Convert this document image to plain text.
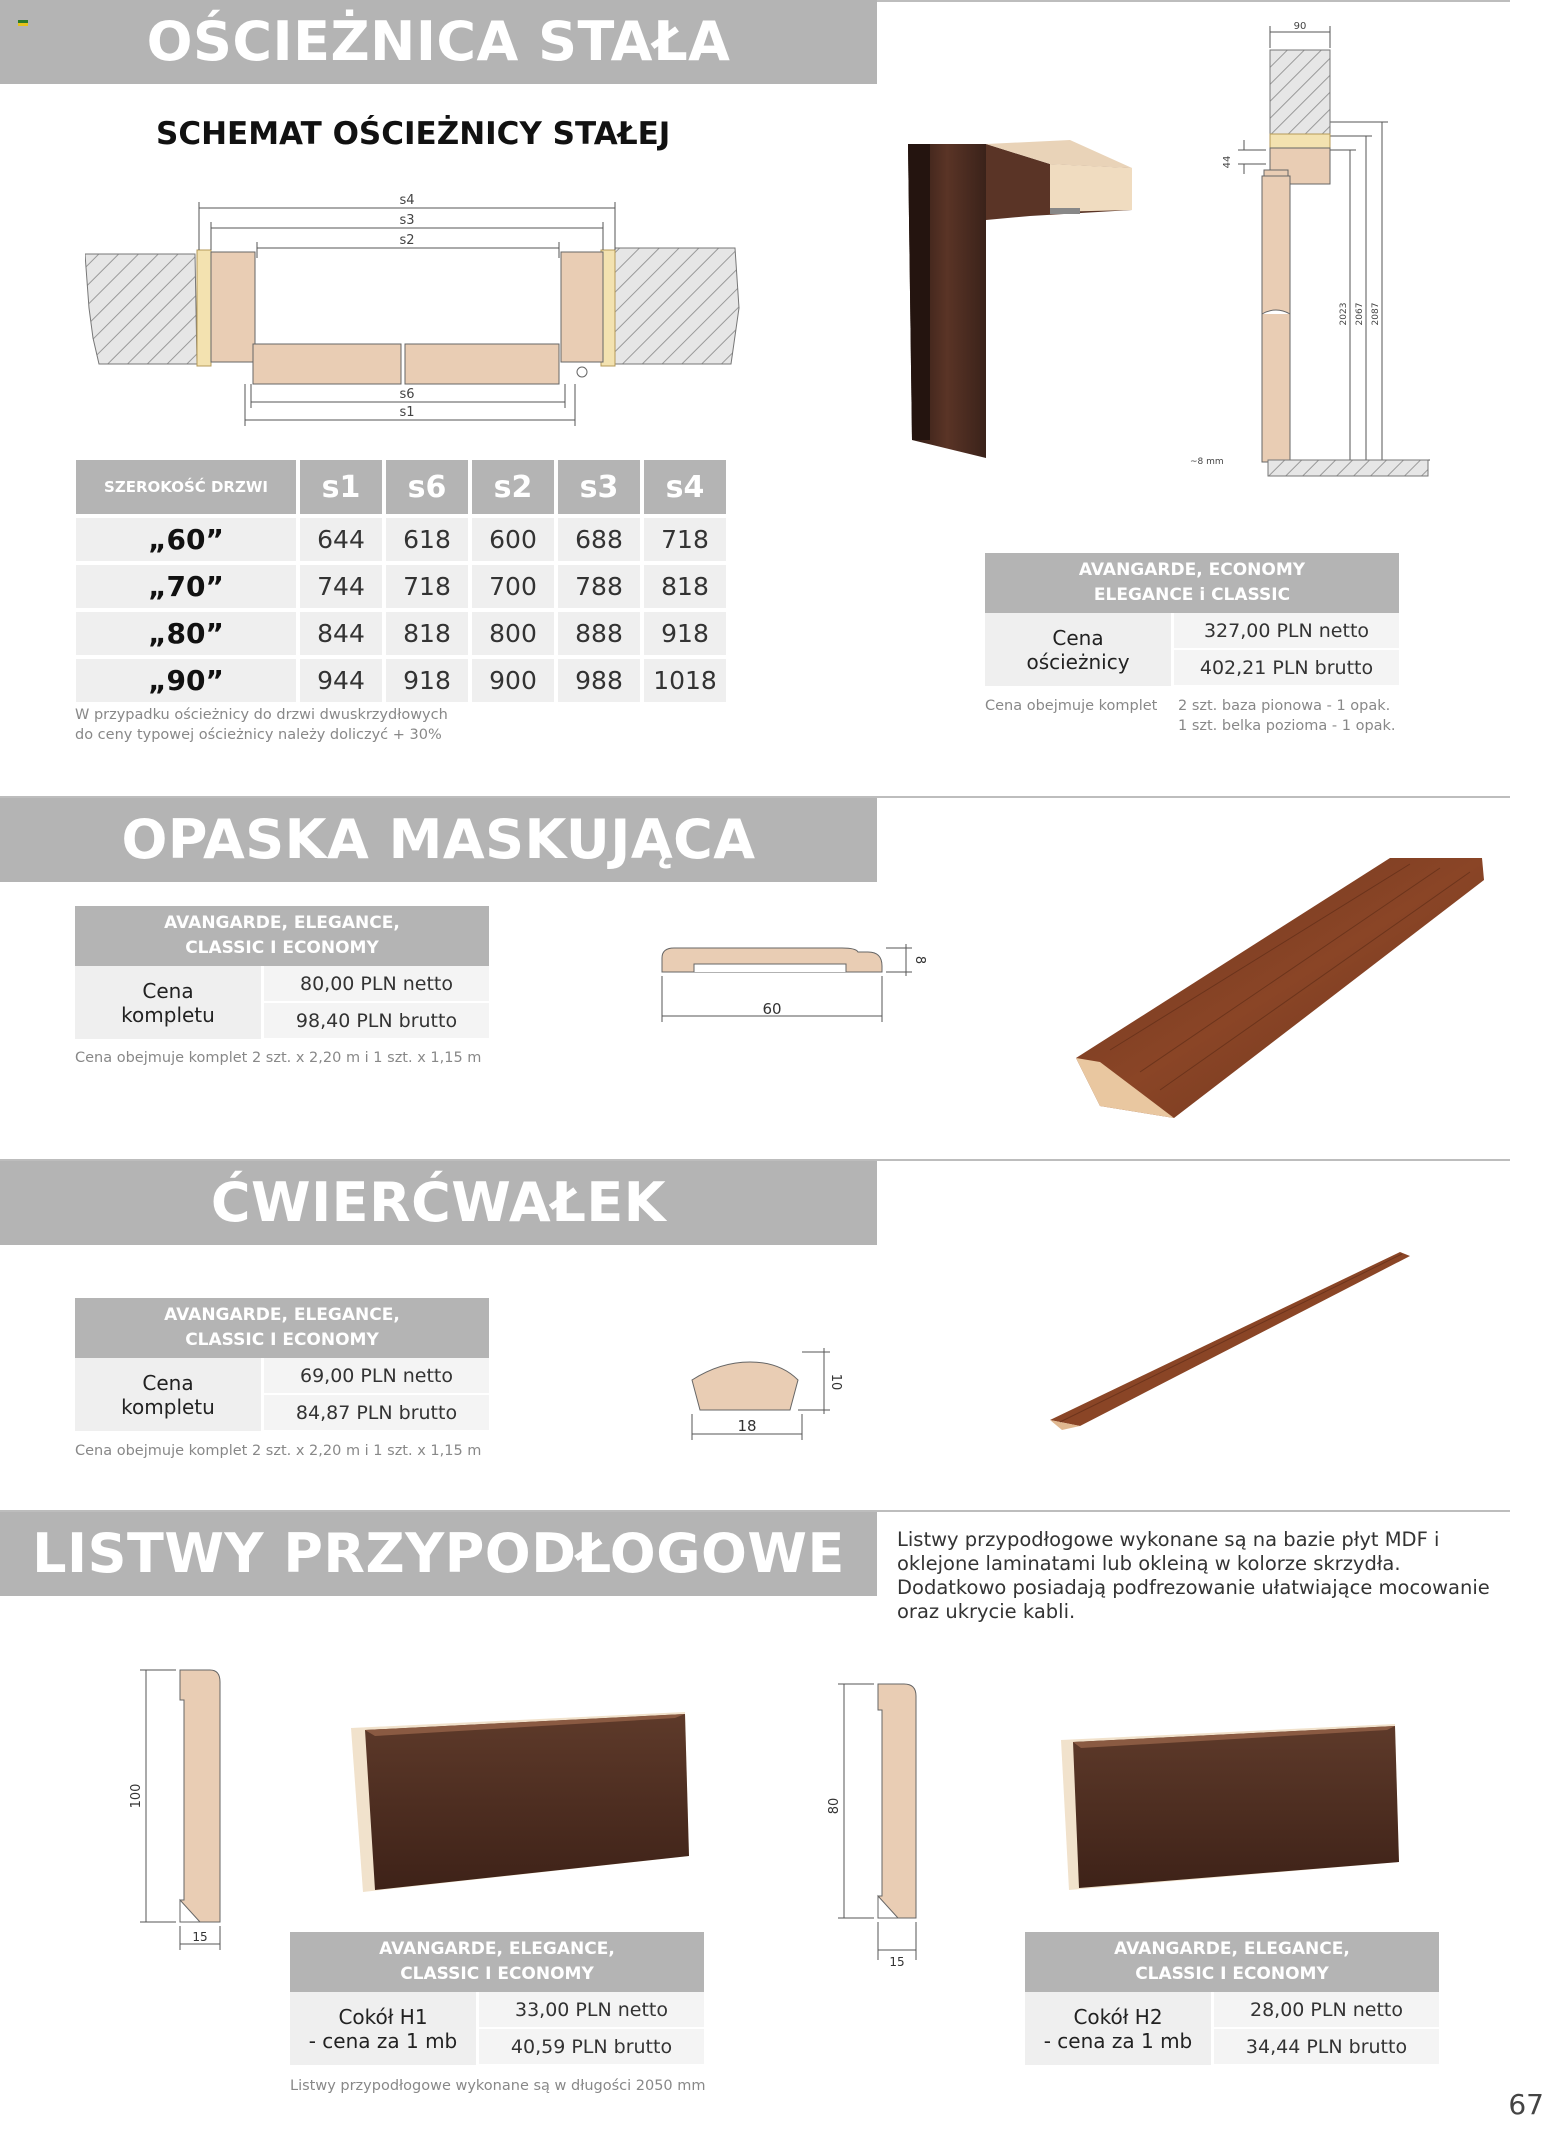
OŚCIEŻNICA STAŁA
SCHEMAT OŚCIEŻNICY STAŁEJ
s4
s3
s2
s6
s1
SZEROKOŚĆ DRZWI	s1	s6	s2	s3	s4
„60”	644	618	600	688	718
„70”	744	718	700	788	818
„80”	844	818	800	888	918
„90”	944	918	900	988	1018
W przypadku ościeżnicy do drzwi dwuskrzydłowych
do ceny typowej ościeżnicy należy doliczyć + 30%
90
44
2023 2067 2087
~8 mm
AVANGARDE, ECONOMY
ELEGANCE i CLASSIC

Cena
ościeżnicy
	327,00 PLN netto
402,21 PLN brutto
Cena obejmuje komplet 2 szt. baza pionowa - 1 opak.
1 szt. belka pozioma - 1 opak.
OPASKA MASKUJĄCA
AVANGARDE, ELEGANCE,
CLASSIC I ECONOMY

Cena
kompletu
	80,00 PLN netto
98,40 PLN brutto
Cena obejmuje komplet 2 szt. x 2,20 m i 1 szt. x 1,15 m
60
8
ĆWIERĆWAŁEK
AVANGARDE, ELEGANCE,
CLASSIC I ECONOMY

Cena
kompletu
	69,00 PLN netto
84,87 PLN brutto
Cena obejmuje komplet 2 szt. x 2,20 m i 1 szt. x 1,15 m
18
10
LISTWY PRZYPODŁOGOWE	Listwy przypodłogowe wykonane są na bazie płyt MDF i oklejone laminatami lub okleiną w kolorze skrzydła. Dodatkowo posiadają podfrezowanie ułatwiające mocowanie oraz ukrycie kabli.
100
15
80
15
AVANGARDE, ELEGANCE,
CLASSIC I ECONOMY

Cokół H1
- cena za 1 mb
	33,00 PLN netto
40,59 PLN brutto
AVANGARDE, ELEGANCE,
CLASSIC I ECONOMY

Cokół H2
- cena za 1 mb
	28,00 PLN netto
34,44 PLN brutto
Listwy przypodłogowe wykonane są w długości 2050 mm
67
